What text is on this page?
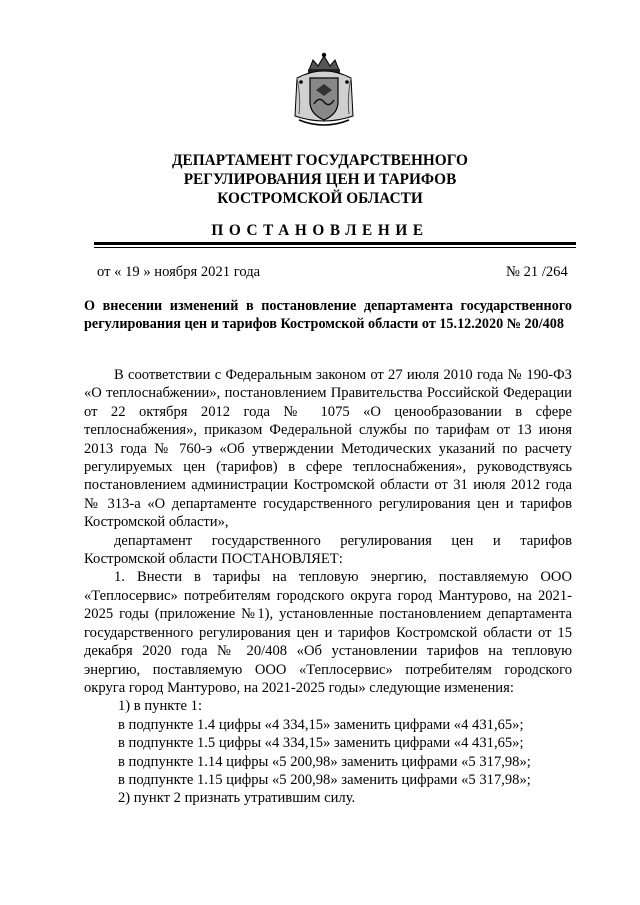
ДЕПАРТАМЕНТ ГОСУДАРСТВЕННОГО
РЕГУЛИРОВАНИЯ ЦЕН И ТАРИФОВ
КОСТРОМСКОЙ ОБЛАСТИ
ПОСТАНОВЛЕНИЕ
от « 19 » ноября 2021 года	№ 21 /264
О внесении изменений в постановление департамента государственного регулирования цен и тарифов Костромской области от 15.12.2020 № 20/408

В соответствии с Федеральным законом от 27 июля 2010 года № 190-ФЗ «О теплоснабжении», постановлением Правительства Российской Федерации от 22 октября 2012 года № 1075 «О ценообразовании в сфере теплоснабжения», приказом Федеральной службы по тарифам от 13 июня 2013 года № 760-э «Об утверждении Методических указаний по расчету регулируемых цен (тарифов) в сфере теплоснабжения», руководствуясь постановлением администрации Костромской области от 31 июля 2012 года № 313-а «О департаменте государственного регулирования цен и тарифов Костромской области»,

департамент государственного регулирования цен и тарифов Костромской области ПОСТАНОВЛЯЕТ:

1. Внести в тарифы на тепловую энергию, поставляемую ООО «Теплосервис» потребителям городского округа город Мантурово, на 2021-2025 годы (приложение №1), установленные постановлением департамента государственного регулирования цен и тарифов Костромской области от 15 декабря 2020 года № 20/408 «Об установлении тарифов на тепловую энергию, поставляемую ООО «Теплосервис» потребителям городского округа город Мантурово, на 2021-2025 годы» следующие изменения:

1) в пункте 1:

в подпункте 1.4 цифры «4 334,15» заменить цифрами «4 431,65»;

в подпункте 1.5 цифры «4 334,15» заменить цифрами «4 431,65»;

в подпункте 1.14 цифры «5 200,98» заменить цифрами «5 317,98»;

в подпункте 1.15 цифры «5 200,98» заменить цифрами «5 317,98»;

2) пункт 2 признать утратившим силу.
